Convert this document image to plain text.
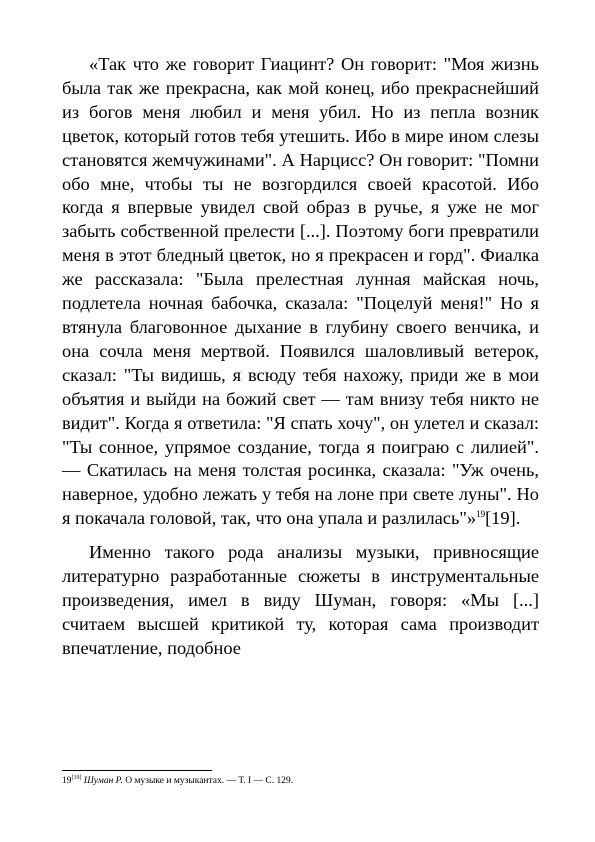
«Так что же говорит Гиацинт? Он говорит: "Моя жизнь была так же прекрасна, как мой конец, ибо прекраснейший из богов меня любил и меня убил. Но из пепла возник цветок, который готов тебя утешить. Ибо в мире ином слезы становятся жемчужинами". А Нарцисс? Он говорит: "Помни обо мне, чтобы ты не возгордился своей красотой. Ибо когда я впервые увидел свой образ в ручье, я уже не мог забыть собственной прелести [...]. Поэтому боги превратили меня в этот бледный цветок, но я прекрасен и горд". Фиалка же рассказала: "Была прелестная лунная майская ночь, подлетела ночная бабочка, сказала: "Поцелуй меня!" Но я втянула благовонное дыхание в глубину своего венчика, и она сочла меня мертвой. Появился шаловливый ветерок, сказал: "Ты видишь, я всюду тебя нахожу, приди же в мои объятия и выйди на божий свет — там внизу тебя никто не видит". Когда я ответила: "Я спать хочу", он улетел и сказал: "Ты сонное, упрямое создание, тогда я поиграю с лилией". — Скатилась на меня толстая росинка, сказала: "Уж очень, наверное, удобно лежать у тебя на лоне при свете луны". Но я покачала головой, так, что она упала и разлилась"»$^{19}$[19].

Именно такого рода анализы музыки, привносящие литературно разработанные сюжеты в инструментальные произведения, имел в виду Шуман, говоря: «Мы [...] считаем высшей критикой ту, которая сама производит впечатление, подобное

19[19] Шуман Р. О музыке и музыкантах. — Т. I — С. 129.
